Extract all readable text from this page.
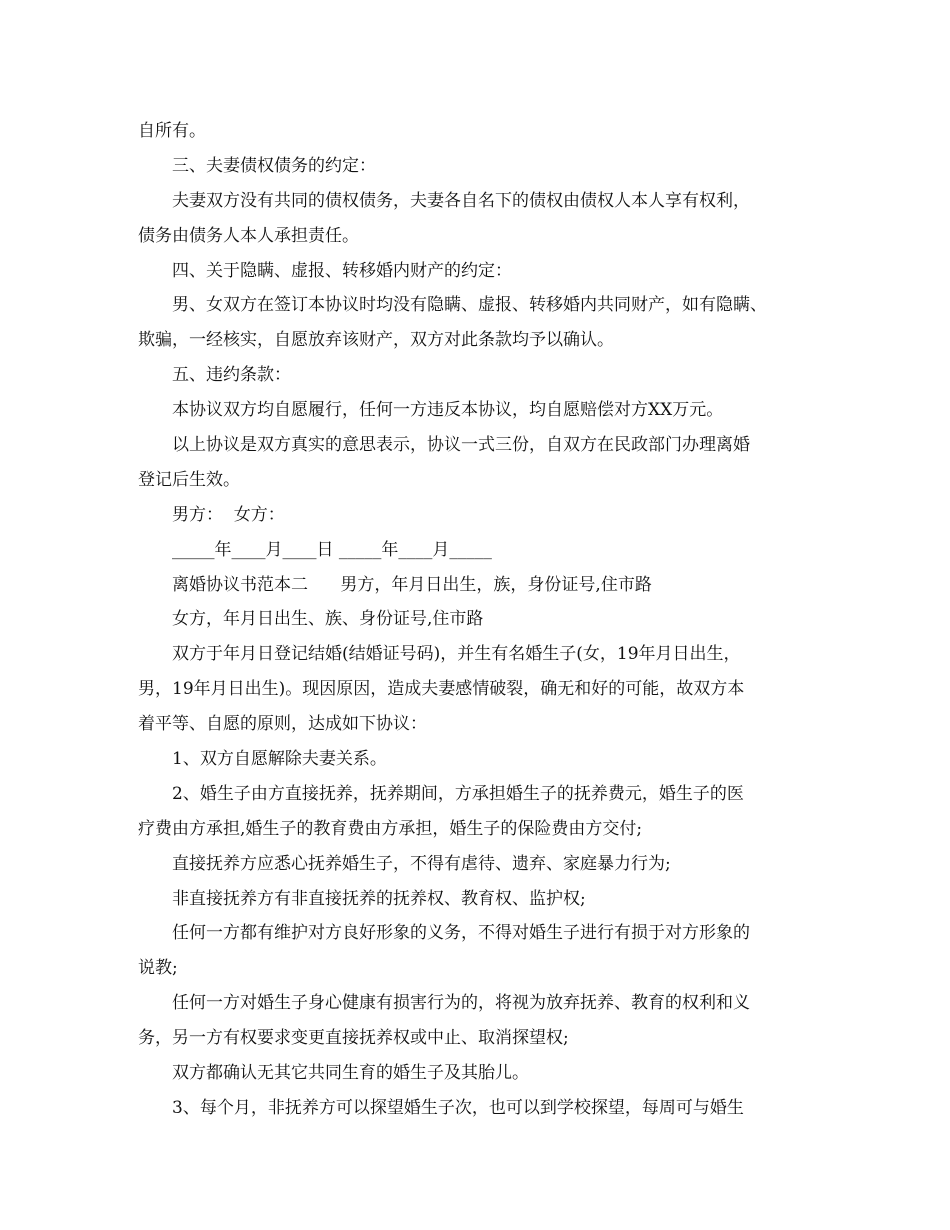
自所有。
三、夫妻债权债务的约定：
夫妻双方没有共同的债权债务，夫妻各自名下的债权由债权人本人享有权利，
债务由债务人本人承担责任。
四、关于隐瞒、虚报、转移婚内财产的约定：
男、女双方在签订本协议时均没有隐瞒、虚报、转移婚内共同财产，如有隐瞒、
欺骗，一经核实，自愿放弃该财产，双方对此条款均予以确认。
五、违约条款：
本协议双方均自愿履行，任何一方违反本协议，均自愿赔偿对方XX万元。
以上协议是双方真实的意思表示，协议一式三份，自双方在民政部门办理离婚
登记后生效。
男方：  女方：
_____年____月____日 _____年____月_____
离婚协议书范本二      男方，年月日出生，族，身份证号,住市路
女方，年月日出生、族、身份证号,住市路
双方于年月日登记结婚(结婚证号码)，并生有名婚生子(女，19年月日出生，
男，19年月日出生)。现因原因，造成夫妻感情破裂，确无和好的可能，故双方本
着平等、自愿的原则，达成如下协议：
1、双方自愿解除夫妻关系。
2、婚生子由方直接抚养，抚养期间，方承担婚生子的抚养费元，婚生子的医
疗费由方承担,婚生子的教育费由方承担，婚生子的保险费由方交付;
直接抚养方应悉心抚养婚生子，不得有虐待、遗弃、家庭暴力行为;
非直接抚养方有非直接抚养的抚养权、教育权、监护权;
任何一方都有维护对方良好形象的义务，不得对婚生子进行有损于对方形象的
说教;
任何一方对婚生子身心健康有损害行为的，将视为放弃抚养、教育的权利和义
务，另一方有权要求变更直接抚养权或中止、取消探望权;
双方都确认无其它共同生育的婚生子及其胎儿。
3、每个月，非抚养方可以探望婚生子次，也可以到学校探望，每周可与婚生
